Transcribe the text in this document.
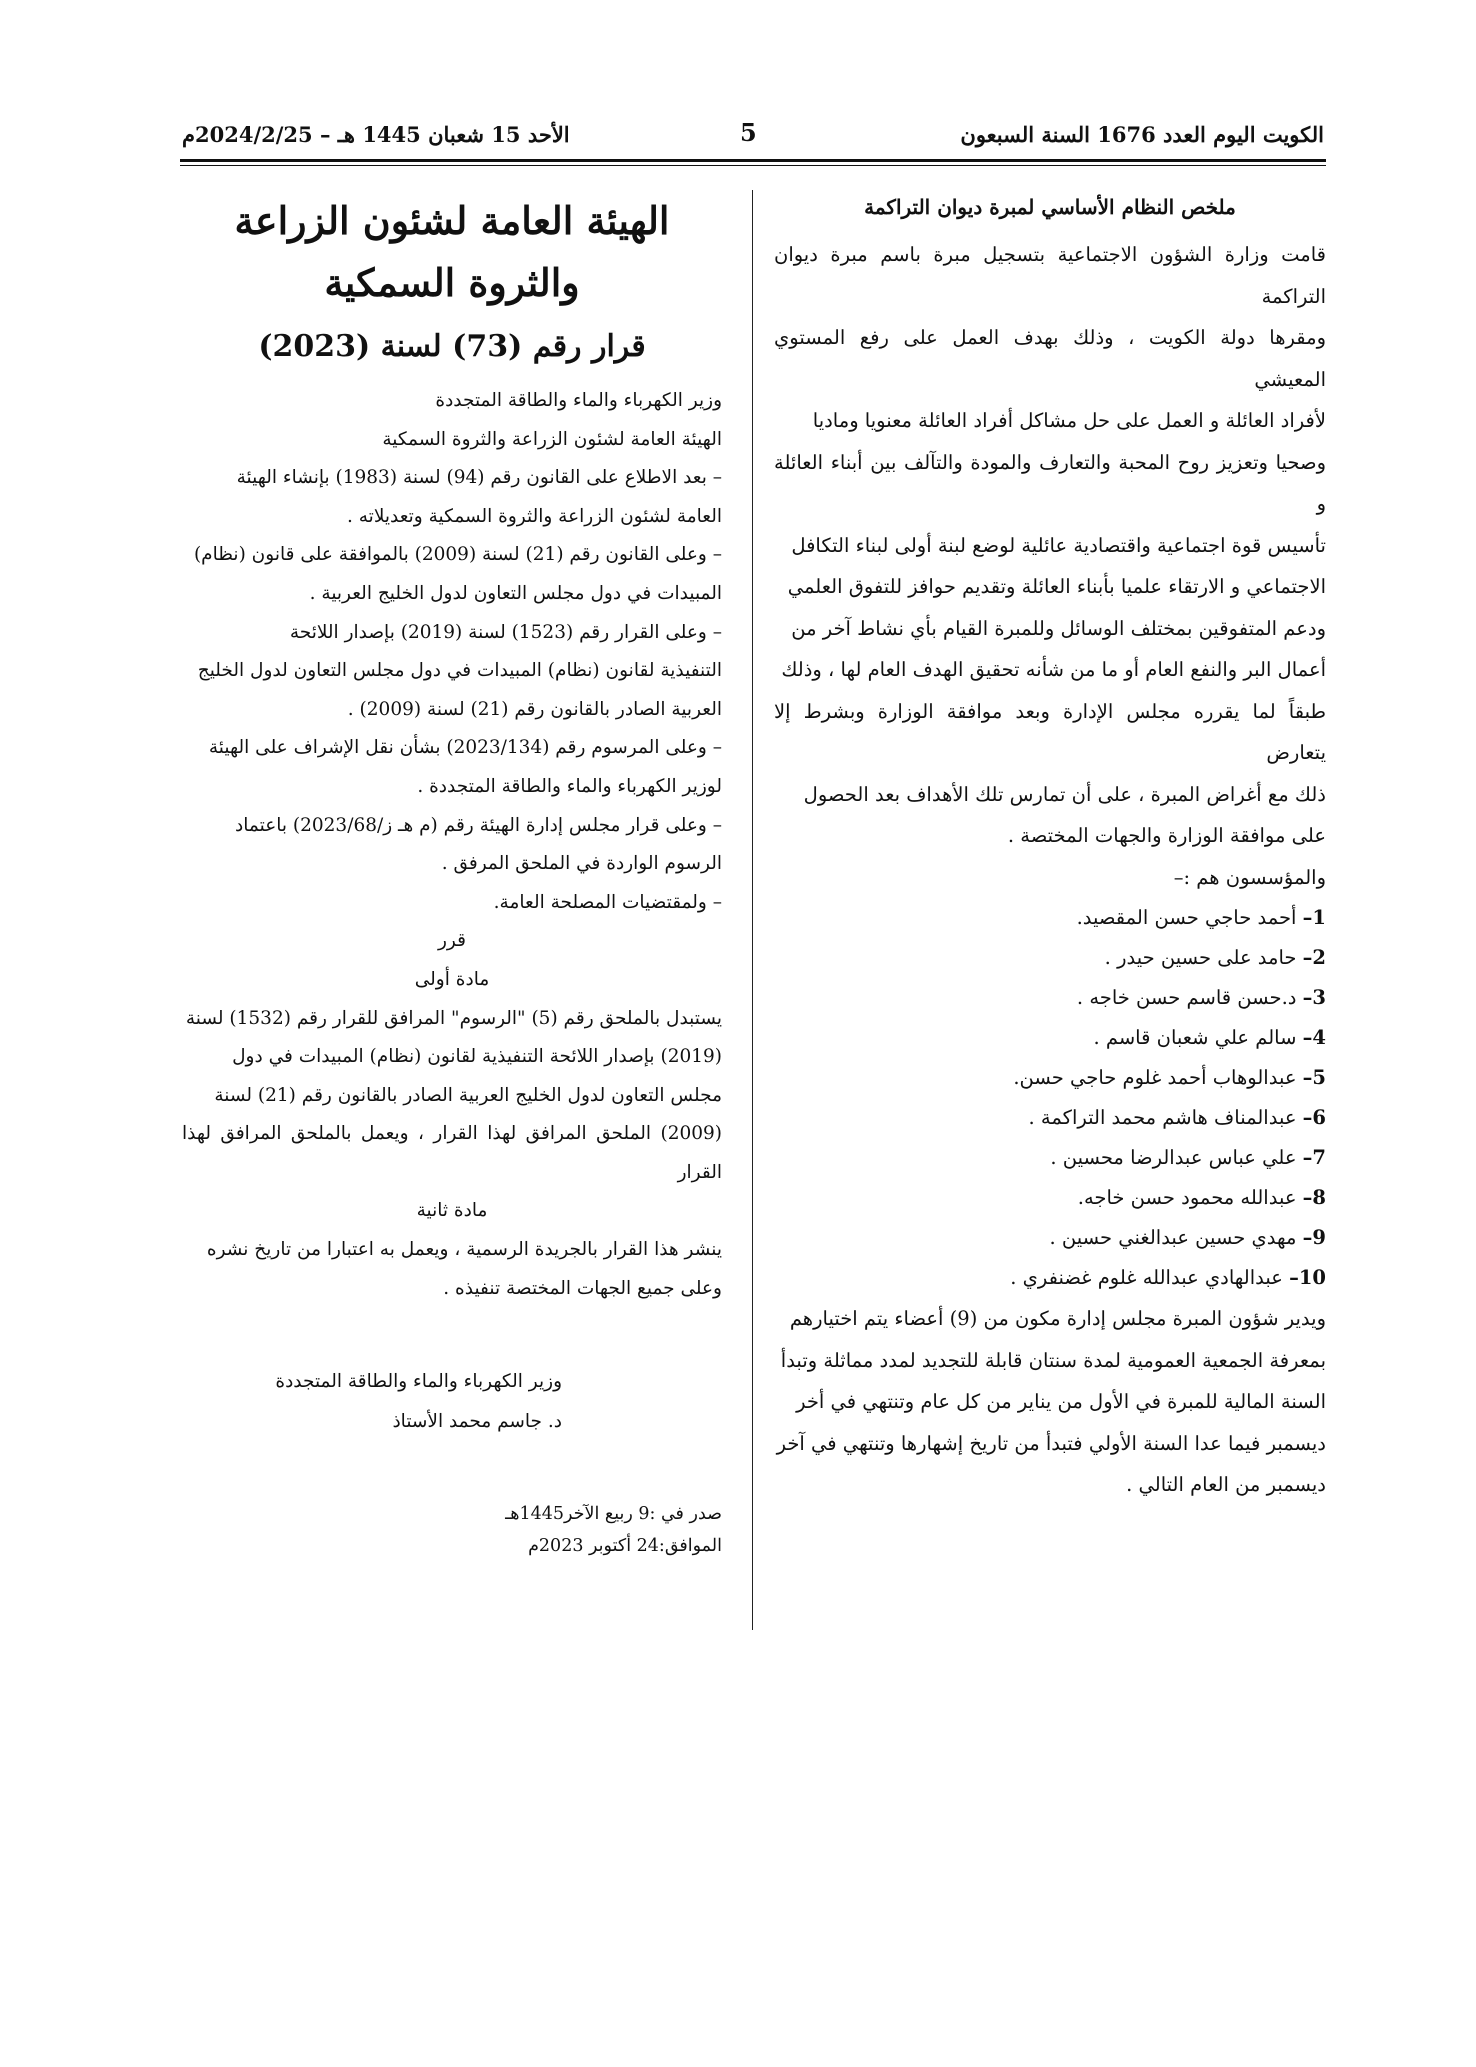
الكويت اليوم العدد 1676 السنة السبعون
5
الأحد 15 شعبان 1445 هـ – 2024/2/25م

ملخص النظام الأساسي لمبرة ديوان التراكمة

قامت وزارة الشؤون الاجتماعية بتسجيل مبرة باسم مبرة ديوان التراكمة

ومقرها دولة الكويت ، وذلك بهدف العمل على رفع المستوي المعيشي

لأفراد العائلة و العمل على حل مشاكل أفراد العائلة معنويا وماديا

وصحيا وتعزيز روح المحبة والتعارف والمودة والتآلف بين أبناء العائلة و

تأسيس قوة اجتماعية واقتصادية عائلية لوضع لبنة أولى لبناء التكافل

الاجتماعي و الارتقاء علميا بأبناء العائلة وتقديم حوافز للتفوق العلمي

ودعم المتفوقين بمختلف الوسائل وللمبرة القيام بأي نشاط آخر من

أعمال البر والنفع العام أو ما من شأنه تحقيق الهدف العام لها ، وذلك

طبقاً لما يقرره مجلس الإدارة وبعد موافقة الوزارة وبشرط إلا يتعارض

ذلك مع أغراض المبرة ، على أن تمارس تلك الأهداف بعد الحصول

على موافقة الوزارة والجهات المختصة .

والمؤسسون هم :–

1– أحمد حاجي حسن المقصيد.

2– حامد على حسين حيدر .

3– د.حسن قاسم حسن خاجه .

4– سالم علي شعبان قاسم .

5– عبدالوهاب أحمد غلوم حاجي حسن.

6– عبدالمناف هاشم محمد التراكمة .

7– علي عباس عبدالرضا محسين .

8– عبدالله محمود حسن خاجه.

9– مهدي حسين عبدالغني حسين .

10– عبدالهادي عبدالله غلوم غضنفري .

ويدير شؤون المبرة مجلس إدارة مكون من (9) أعضاء يتم اختيارهم

بمعرفة الجمعية العمومية لمدة سنتان قابلة للتجديد لمدد مماثلة وتبدأ

السنة المالية للمبرة في الأول من يناير من كل عام وتنتهي في أخر

ديسمبر فيما عدا السنة الأولي فتبدأ من تاريخ إشهارها وتنتهي في آخر

ديسمبر من العام التالي .

الهيئة العامة لشئون الزراعة والثروة السمكية

قرار رقم (73) لسنة (2023)

وزير الكهرباء والماء والطاقة المتجددة

الهيئة العامة لشئون الزراعة والثروة السمكية

– بعد الاطلاع على القانون رقم (94) لسنة (1983) بإنشاء الهيئة

العامة لشئون الزراعة والثروة السمكية وتعديلاته .

– وعلى القانون رقم (21) لسنة (2009) بالموافقة على قانون (نظام)

المبيدات في دول مجلس التعاون لدول الخليج العربية .

– وعلى القرار رقم (1523) لسنة (2019) بإصدار اللائحة

التنفيذية لقانون (نظام) المبيدات في دول مجلس التعاون لدول الخليج

العربية الصادر بالقانون رقم (21) لسنة (2009) .

– وعلى المرسوم رقم (2023/134) بشأن نقل الإشراف على الهيئة

لوزير الكهرباء والماء والطاقة المتجددة .

– وعلى قرار مجلس إدارة الهيئة رقم (م هـ ز/2023/68) باعتماد

الرسوم الواردة في الملحق المرفق .

– ولمقتضيات المصلحة العامة.

قرر

مادة أولى

يستبدل بالملحق رقم (5) "الرسوم" المرافق للقرار رقم (1532) لسنة

(2019) بإصدار اللائحة التنفيذية لقانون (نظام) المبيدات في دول

مجلس التعاون لدول الخليج العربية الصادر بالقانون رقم (21) لسنة

(2009) الملحق المرافق لهذا القرار ، ويعمل بالملحق المرافق لهذا القرار

مادة ثانية

ينشر هذا القرار بالجريدة الرسمية ، ويعمل به اعتبارا من تاريخ نشره

وعلى جميع الجهات المختصة تنفيذه .

وزير الكهرباء والماء والطاقة المتجددة

د. جاسم محمد الأستاذ

صدر في :9 ربيع الآخر1445هـ

الموافق:24 أكتوبر 2023م
